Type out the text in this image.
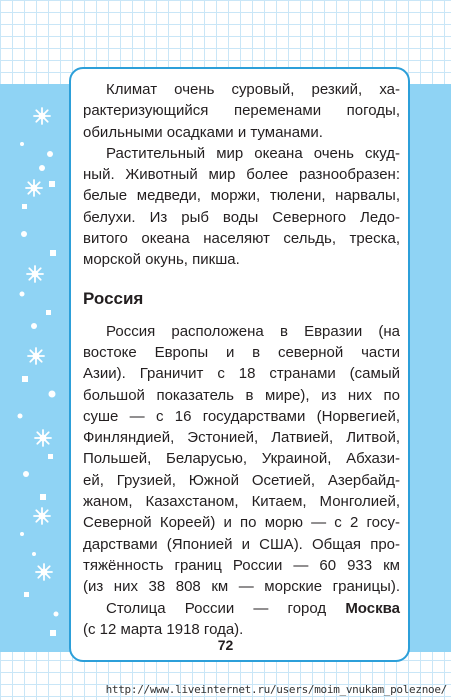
Климат очень суровый, резкий, ха-
рактеризующийся переменами погоды,
обильными осадками и туманами.
Растительный мир океана очень скуд-
ный. Животный мир более разнообразен:
белые медведи, моржи, тюлени, нарвалы,
белухи. Из рыб воды Северного Ледо-
витого океана населяют сельдь, треска,
морской окунь, пикша.
Россия
Россия расположена в Евразии (на
востоке Европы и в северной части
Азии). Граничит с 18 странами (самый
большой показатель в мире), из них по
суше — с 16 государствами (Норвегией,
Финляндией, Эстонией, Латвией, Литвой,
Польшей, Беларусью, Украиной, Абхази-
ей, Грузией, Южной Осетией, Азербайд-
жаном, Казахстаном, Китаем, Монголией,
Северной Кореей) и по морю — с 2 госу-
дарствами (Японией и США). Общая про-
тяжённость границ России — 60 933 км
(из них 38 808 км — морские границы).
Столица России — город Москва
(с 12 марта 1918 года).
72
http://www.liveinternet.ru/users/moim_vnukam_poleznoe/
